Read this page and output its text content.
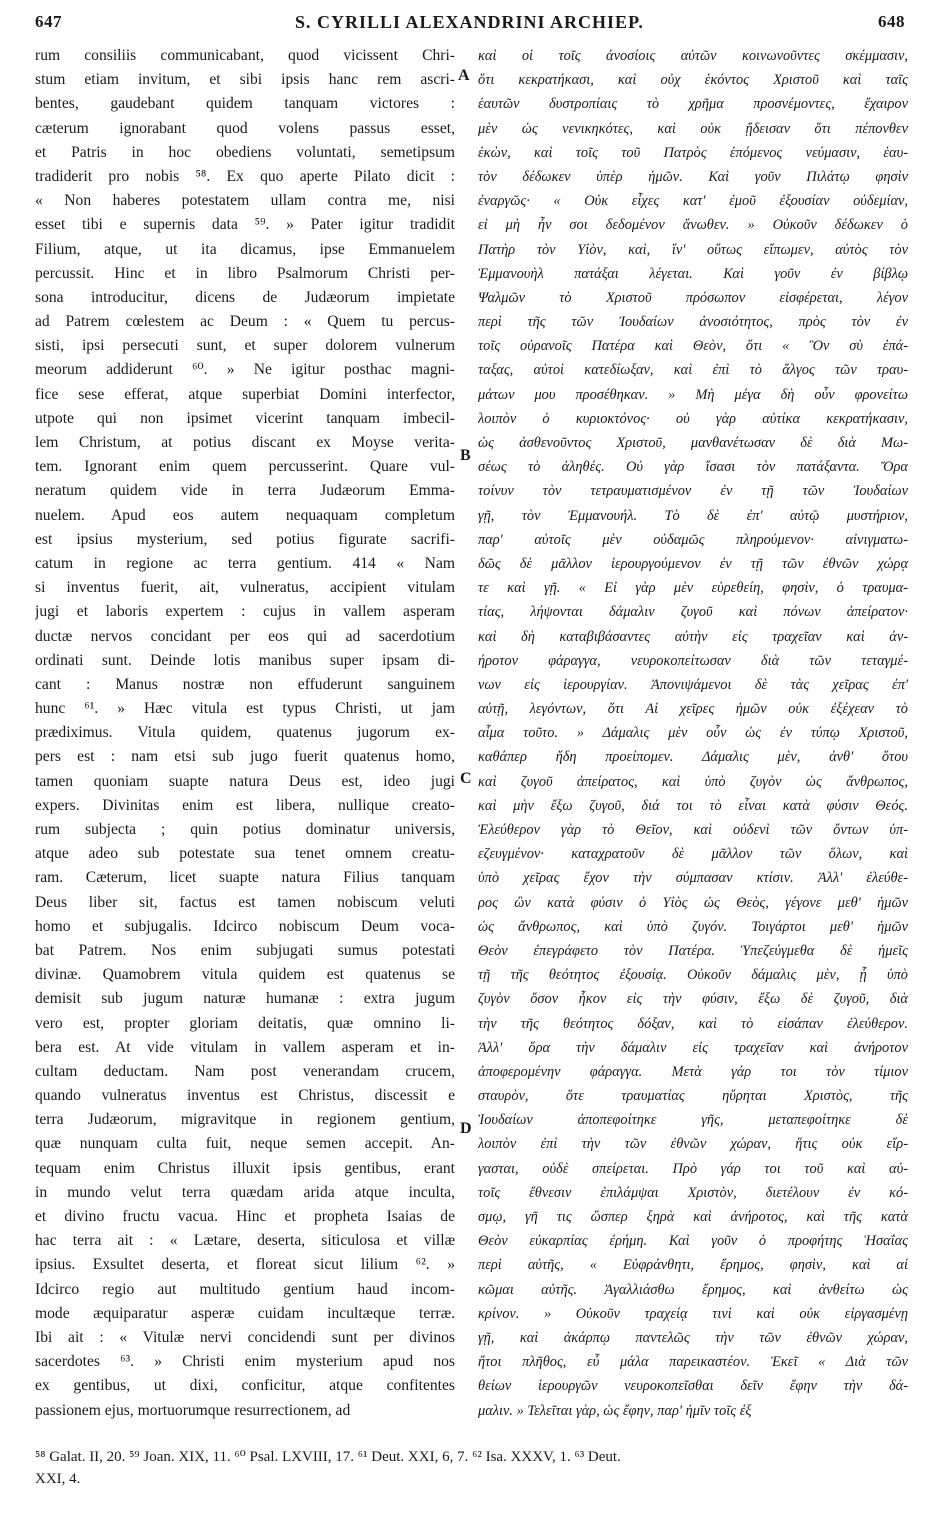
647	S. CYRILLI ALEXANDRINI ARCHIEP.	648
rum consiliis communicabant, quod vicissent Chri-
stum etiam invitum, et sibi ipsis hanc rem ascri-
bentes, gaudebant quidem tanquam victores :
cæterum ignorabant quod volens passus esset,
et Patris in hoc obediens voluntati, semetipsum
tradiderit pro nobis ⁵⁸. Ex quo aperte Pilato dicit :
« Non haberes potestatem ullam contra me, nisi
esset tibi e supernis data ⁵⁹. » Pater igitur tradidit
Filium, atque, ut ita dicamus, ipse Emmanuelem
percussit. Hinc et in libro Psalmorum Christi per-
sona introducitur, dicens de Judæorum impietate
ad Patrem cœlestem ac Deum : « Quem tu percus-
sisti, ipsi persecuti sunt, et super dolorem vulnerum
meorum addiderunt ⁶⁰. » Ne igitur posthac magni-
fice sese efferat, atque superbiat Domini interfector,
utpote qui non ipsimet vicerint tanquam imbecil-
lem Christum, at potius discant ex Moyse verita-
tem. Ignorant enim quem percusserint. Quare vul-
neratum quidem vide in terra Judæorum Emma-
nuelem. Apud eos autem nequaquam completum
est ipsius mysterium, sed potius figurate sacrifi-
catum in regione ac terra gentium. 414 « Nam
si inventus fuerit, ait, vulneratus, accipient vitulam
jugi et laboris expertem : cujus in vallem asperam
ductæ nervos concidant per eos qui ad sacerdotium
ordinati sunt. Deinde lotis manibus super ipsam di-
cant : Manus nostræ non effuderunt sanguinem
hunc ⁶¹. » Hæc vitula est typus Christi, ut jam
prædiximus. Vitula quidem, quatenus jugorum ex-
pers est : nam etsi sub jugo fuerit quatenus homo,
tamen quoniam suapte natura Deus est, ideo jugi
expers. Divinitas enim est libera, nullique creato-
rum subjecta ; quin potius dominatur universis,
atque adeo sub potestate sua tenet omnem creatu-
ram. Cæterum, licet suapte natura Filius tanquam
Deus liber sit, factus est tamen nobiscum veluti
homo et subjugalis. Idcirco nobiscum Deum voca-
bat Patrem. Nos enim subjugati sumus potestati
divinæ. Quamobrem vitula quidem est quatenus se
demisit sub jugum naturæ humanæ : extra jugum
vero est, propter gloriam deitatis, quæ omnino li-
bera est. At vide vitulam in vallem asperam et in-
cultam deductam. Nam post venerandam crucem,
quando vulneratus inventus est Christus, discessit e
terra Judæorum, migravitque in regionem gentium,
quæ nunquam culta fuit, neque semen accepit. An-
tequam enim Christus illuxit ipsis gentibus, erant
in mundo velut terra quædam arida atque inculta,
et divino fructu vacua. Hinc et propheta Isaias de
hac terra ait : « Lætare, deserta, siticulosa et villæ
ipsius. Exsultet deserta, et floreat sicut lilium ⁶². »
Idcirco regio aut multitudo gentium haud incom-
mode æquiparatur asperæ cuidam incultæque terræ.
Ibi ait : « Vitulæ nervi concidendi sunt per divinos
sacerdotes ⁶³. » Christi enim mysterium apud nos
ex gentibus, ut dixi, conficitur, atque confitentes
passionem ejus, mortuorumque resurrectionem, ad
καὶ οἱ τοῖς ἀνοσίοις αὐτῶν κοινωνοῦντες σκέμμασιν,
ὅτι κεκρατήκασι, καὶ οὐχ ἑκόντος Χριστοῦ καὶ ταῖς
ἑαυτῶν δυστροπίαις τὸ χρῆμα προσνέμοντες, ἔχαιρον
μὲν ὡς νενικηκότες, καὶ οὐκ ᾔδεισαν ὅτι πέπονθεν
ἑκὼν, καὶ τοῖς τοῦ Πατρὸς ἑπόμενος νεύμασιν, ἑαυ-
τὸν δέδωκεν ὑπὲρ ἡμῶν. Καὶ γοῦν Πιλάτῳ φησὶν
ἐναργῶς· « Οὐκ εἶχες κατ' ἐμοῦ ἐξουσίαν οὐδεμίαν,
εἰ μὴ ἦν σοι δεδομένον ἄνωθεν. » Οὐκοῦν δέδωκεν ὁ
Πατὴρ τὸν Υἱὸν, καὶ, ἵν' οὕτως εἴπωμεν, αὐτὸς τὸν
Ἐμμανουὴλ πατάξαι λέγεται. Καὶ γοῦν ἐν βίβλῳ
Ψαλμῶν τὸ Χριστοῦ πρόσωπον εἰσφέρεται, λέγον
περὶ τῆς τῶν Ἰουδαίων ἀνοσιότητος, πρὸς τὸν ἐν
τοῖς οὐρανοῖς Πατέρα καὶ Θεὸν, ὅτι « Ὃν σὺ ἐπά-
ταξας, αὐτοὶ κατεδίωξαν, καὶ ἐπὶ τὸ ἄλγος τῶν τραυ-
μάτων μου προσέθηκαν. » Μὴ μέγα δὴ οὖν φρονείτω
λοιπὸν ὁ κυριοκτόνος· οὐ γὰρ αὐτίκα κεκρατήκασιν,
ὡς ἀσθενοῦντος Χριστοῦ, μανθανέτωσαν δὲ διὰ Μω-
σέως τὸ ἀληθές. Οὐ γὰρ ἴσασι τὸν πατάξαντα. Ὅρα
τοίνυν τὸν τετραυματισμένον ἐν τῇ τῶν Ἰουδαίων
γῇ, τὸν Ἐμμανουήλ. Τὸ δὲ ἐπ' αὐτῷ μυστήριον,
παρ' αὐτοῖς μὲν οὐδαμῶς πληρούμενον· αἰνιγματω-
δῶς δὲ μᾶλλον ἱερουργούμενον ἐν τῇ τῶν ἐθνῶν χώρᾳ
τε καὶ γῇ. « Εἰ γὰρ μὲν εὑρεθείη, φησὶν, ὁ τραυμα-
τίας, λήψονται δάμαλιν ζυγοῦ καὶ πόνων ἀπείρατον·
καὶ δὴ καταβιβάσαντες αὐτὴν εἰς τραχεῖαν καὶ ἀν-
ήροτον φάραγγα, νευροκοπείτωσαν διὰ τῶν τεταγμέ-
νων εἰς ἱερουργίαν. Ἀπονιψάμενοι δὲ τὰς χεῖρας ἐπ'
αὐτῇ, λεγόντων, ὅτι Αἱ χεῖρες ἡμῶν οὐκ ἐξέχεαν τὸ
αἷμα τοῦτο. » Δάμαλις μὲν οὖν ὡς ἐν τύπῳ Χριστοῦ,
καθάπερ ἤδη προείπομεν. Δάμαλις μὲν, ἀνθ' ὅτου
καὶ ζυγοῦ ἀπείρατος, καὶ ὑπὸ ζυγὸν ὡς ἄνθρωπος,
καὶ μὴν ἔξω ζυγοῦ, διά τοι τὸ εἶναι κατὰ φύσιν Θεός.
Ἐλεύθερον γὰρ τὸ Θεῖον, καὶ οὐδενὶ τῶν ὄντων ὑπ-
εζευγμένον· καταχρατοῦν δὲ μᾶλλον τῶν ὅλων, καὶ
ὑπὸ χεῖρας ἔχον τὴν σύμπασαν κτίσιν. Ἀλλ' ἐλεύθε-
ρος ὢν κατὰ φύσιν ὁ Υἱὸς ὡς Θεὸς, γέγονε μεθ' ἡμῶν
ὡς ἄνθρωπος, καὶ ὑπὸ ζυγόν. Τοιγάρτοι μεθ' ἡμῶν
Θεὸν ἐπεγράφετο τὸν Πατέρα. Ὑπεζεύγμεθα δὲ ἡμεῖς
τῇ τῆς θεότητος ἐξουσίᾳ. Οὐκοῦν δάμαλις μὲν, ᾗ ὑπὸ
ζυγὸν ὅσον ἧκον εἰς τὴν φύσιν, ἔξω δὲ ζυγοῦ, διὰ
τὴν τῆς θεότητος δόξαν, καὶ τὸ εἰσάπαν ἐλεύθερον.
Ἀλλ' ὅρα τὴν δάμαλιν εἰς τραχεῖαν καὶ ἀνήροτον
ἀποφερομένην φάραγγα. Μετὰ γάρ τοι τὸν τίμιον
σταυρὸν, ὅτε τραυματίας ηὕρηται Χριστὸς, τῆς
Ἰουδαίων ἀποπεφοίτηκε γῆς, μεταπεφοίτηκε δὲ
λοιπὸν ἐπὶ τὴν τῶν ἐθνῶν χώραν, ἥτις οὐκ εἴρ-
γασται, οὐδὲ σπείρεται. Πρὸ γάρ τοι τοῦ καὶ αὐ-
τοῖς ἔθνεσιν ἐπιλάμψαι Χριστὸν, διετέλουν ἐν κό-
σμῳ, γῆ τις ὥσπερ ξηρὰ καὶ ἀνήροτος, καὶ τῆς κατὰ
Θεὸν εὐκαρπίας ἐρήμη. Καὶ γοῦν ὁ προφήτης Ἡσαΐας
περὶ αὐτῆς, « Εὐφράνθητι, ἔρημος, φησὶν, καὶ αἱ
κῶμαι αὐτῆς. Ἀγαλλιάσθω ἔρημος, καὶ ἀνθείτω ὡς
κρίνον. » Οὐκοῦν τραχείᾳ τινὶ καὶ οὐκ εἰργασμένῃ
γῇ, καὶ ἀκάρπῳ παντελῶς τὴν τῶν ἐθνῶν χώραν,
ἤτοι πλῆθος, εὖ μάλα παρεικαστέον. Ἐκεῖ « Διὰ τῶν
θείων ἱερουργῶν νευροκοπεῖσθαι δεῖν ἔφην τὴν δά-
μαλιν. » Τελεῖται γὰρ, ὡς ἔφην, παρ' ἡμῖν τοῖς ἐξ
A
B
C
D
⁵⁸ Galat. II, 20. ⁵⁹ Joan. XIX, 11. ⁶⁰ Psal. LXVIII, 17. ⁶¹ Deut. XXI, 6, 7. ⁶² Isa. XXXV, 1. ⁶³ Deut.
XXI, 4.
